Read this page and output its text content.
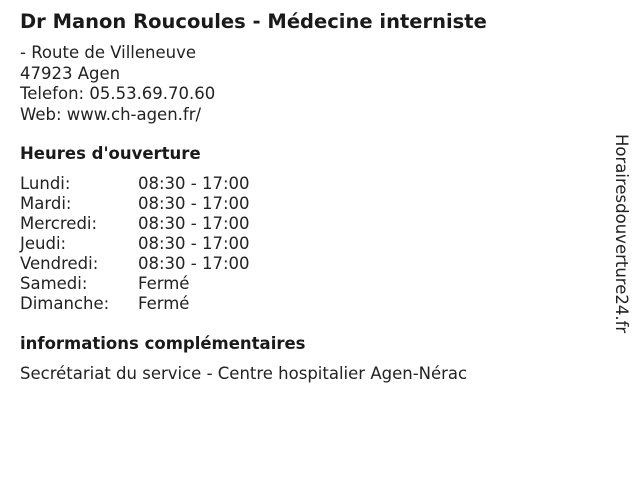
Dr Manon Roucoules - Médecine interniste
- Route de Villeneuve
47923 Agen
Telefon: 05.53.69.70.60
Web: www.ch-agen.fr/
Heures d'ouverture
Lundi:	08:30 - 17:00
Mardi:	08:30 - 17:00
Mercredi:	08:30 - 17:00
Jeudi:	08:30 - 17:00
Vendredi:	08:30 - 17:00
Samedi:	Fermé
Dimanche:	Fermé
informations complémentaires
Secrétariat du service - Centre hospitalier Agen-Nérac
Horairesdouverture24.fr
